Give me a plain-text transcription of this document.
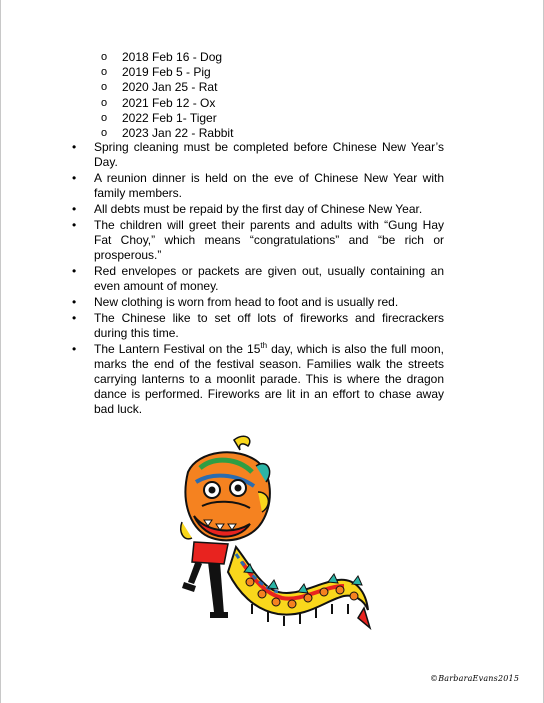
o 2018 Feb 16 - Dog
o 2019 Feb 5 - Pig
o 2020 Jan 25 - Rat
o 2021 Feb 12 - Ox
o 2022 Feb 1- Tiger
o 2023 Jan 22 - Rabbit
• Spring cleaning must be completed before Chinese New Year’s Day.

• A reunion dinner is held on the eve of Chinese New Year with family members.

• All debts must be repaid by the first day of Chinese New Year.

• The children will greet their parents and adults with “Gung Hay Fat Choy,” which means “congratulations” and “be rich or prosperous.”

• Red envelopes or packets are given out, usually containing an even amount of money.

• New clothing is worn from head to foot and is usually red.

• The Chinese like to set off lots of fireworks and firecrackers during this time.

• The Lantern Festival on the 15th day, which is also the full moon, marks the end of the festival season. Families walk the streets carrying lanterns to a moonlit parade. This is where the dragon dance is performed. Fireworks are lit in an effort to chase away bad luck.

©BarbaraEvans2015
